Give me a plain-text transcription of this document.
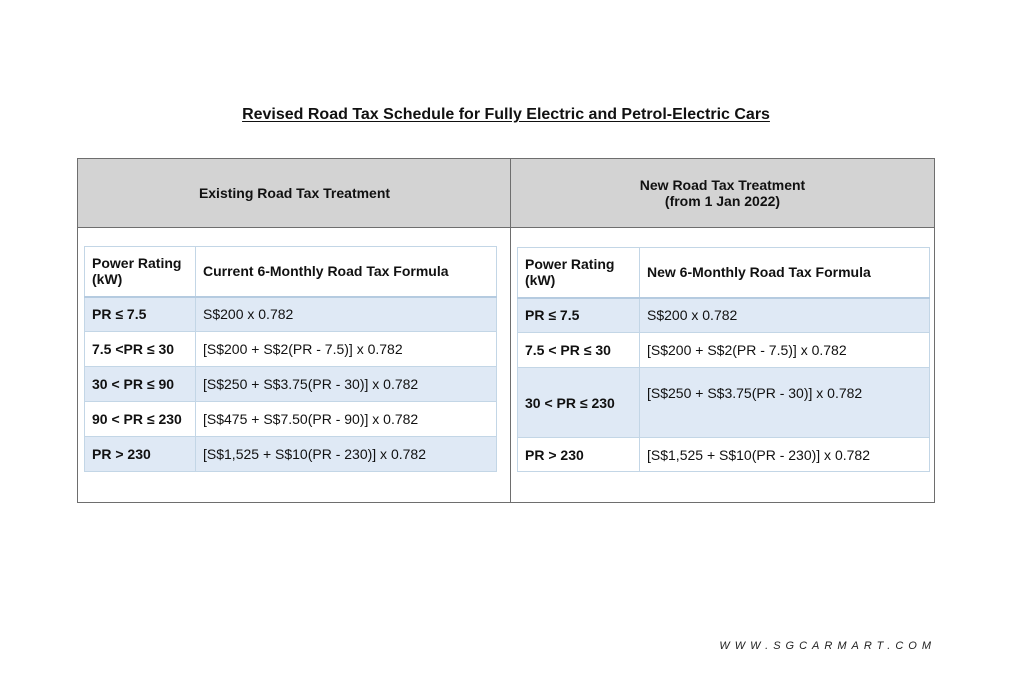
Revised Road Tax Schedule for Fully Electric and Petrol-Electric Cars
Existing Road Tax Treatment	New Road Tax Treatment
(from 1 Jan 2022)
Power Rating (kW)	Current 6-Monthly Road Tax Formula
PR ≤ 7.5	S$200 x 0.782
7.5 <PR ≤ 30	[S$200 + S$2(PR - 7.5)] x 0.782
30 < PR ≤ 90	[S$250 + S$3.75(PR - 30)] x 0.782
90 < PR ≤ 230	[S$475 + S$7.50(PR - 90)] x 0.782
PR > 230	[S$1,525 + S$10(PR - 230)] x 0.782
Power Rating (kW)	New 6-Monthly Road Tax Formula
PR ≤ 7.5	S$200 x 0.782
7.5 < PR ≤ 30	[S$200 + S$2(PR - 7.5)] x 0.782
30 < PR ≤ 230	[S$250 + S$3.75(PR - 30)] x 0.782
PR > 230	[S$1,525 + S$10(PR - 230)] x 0.782
WWW.SGCARMART.COM
